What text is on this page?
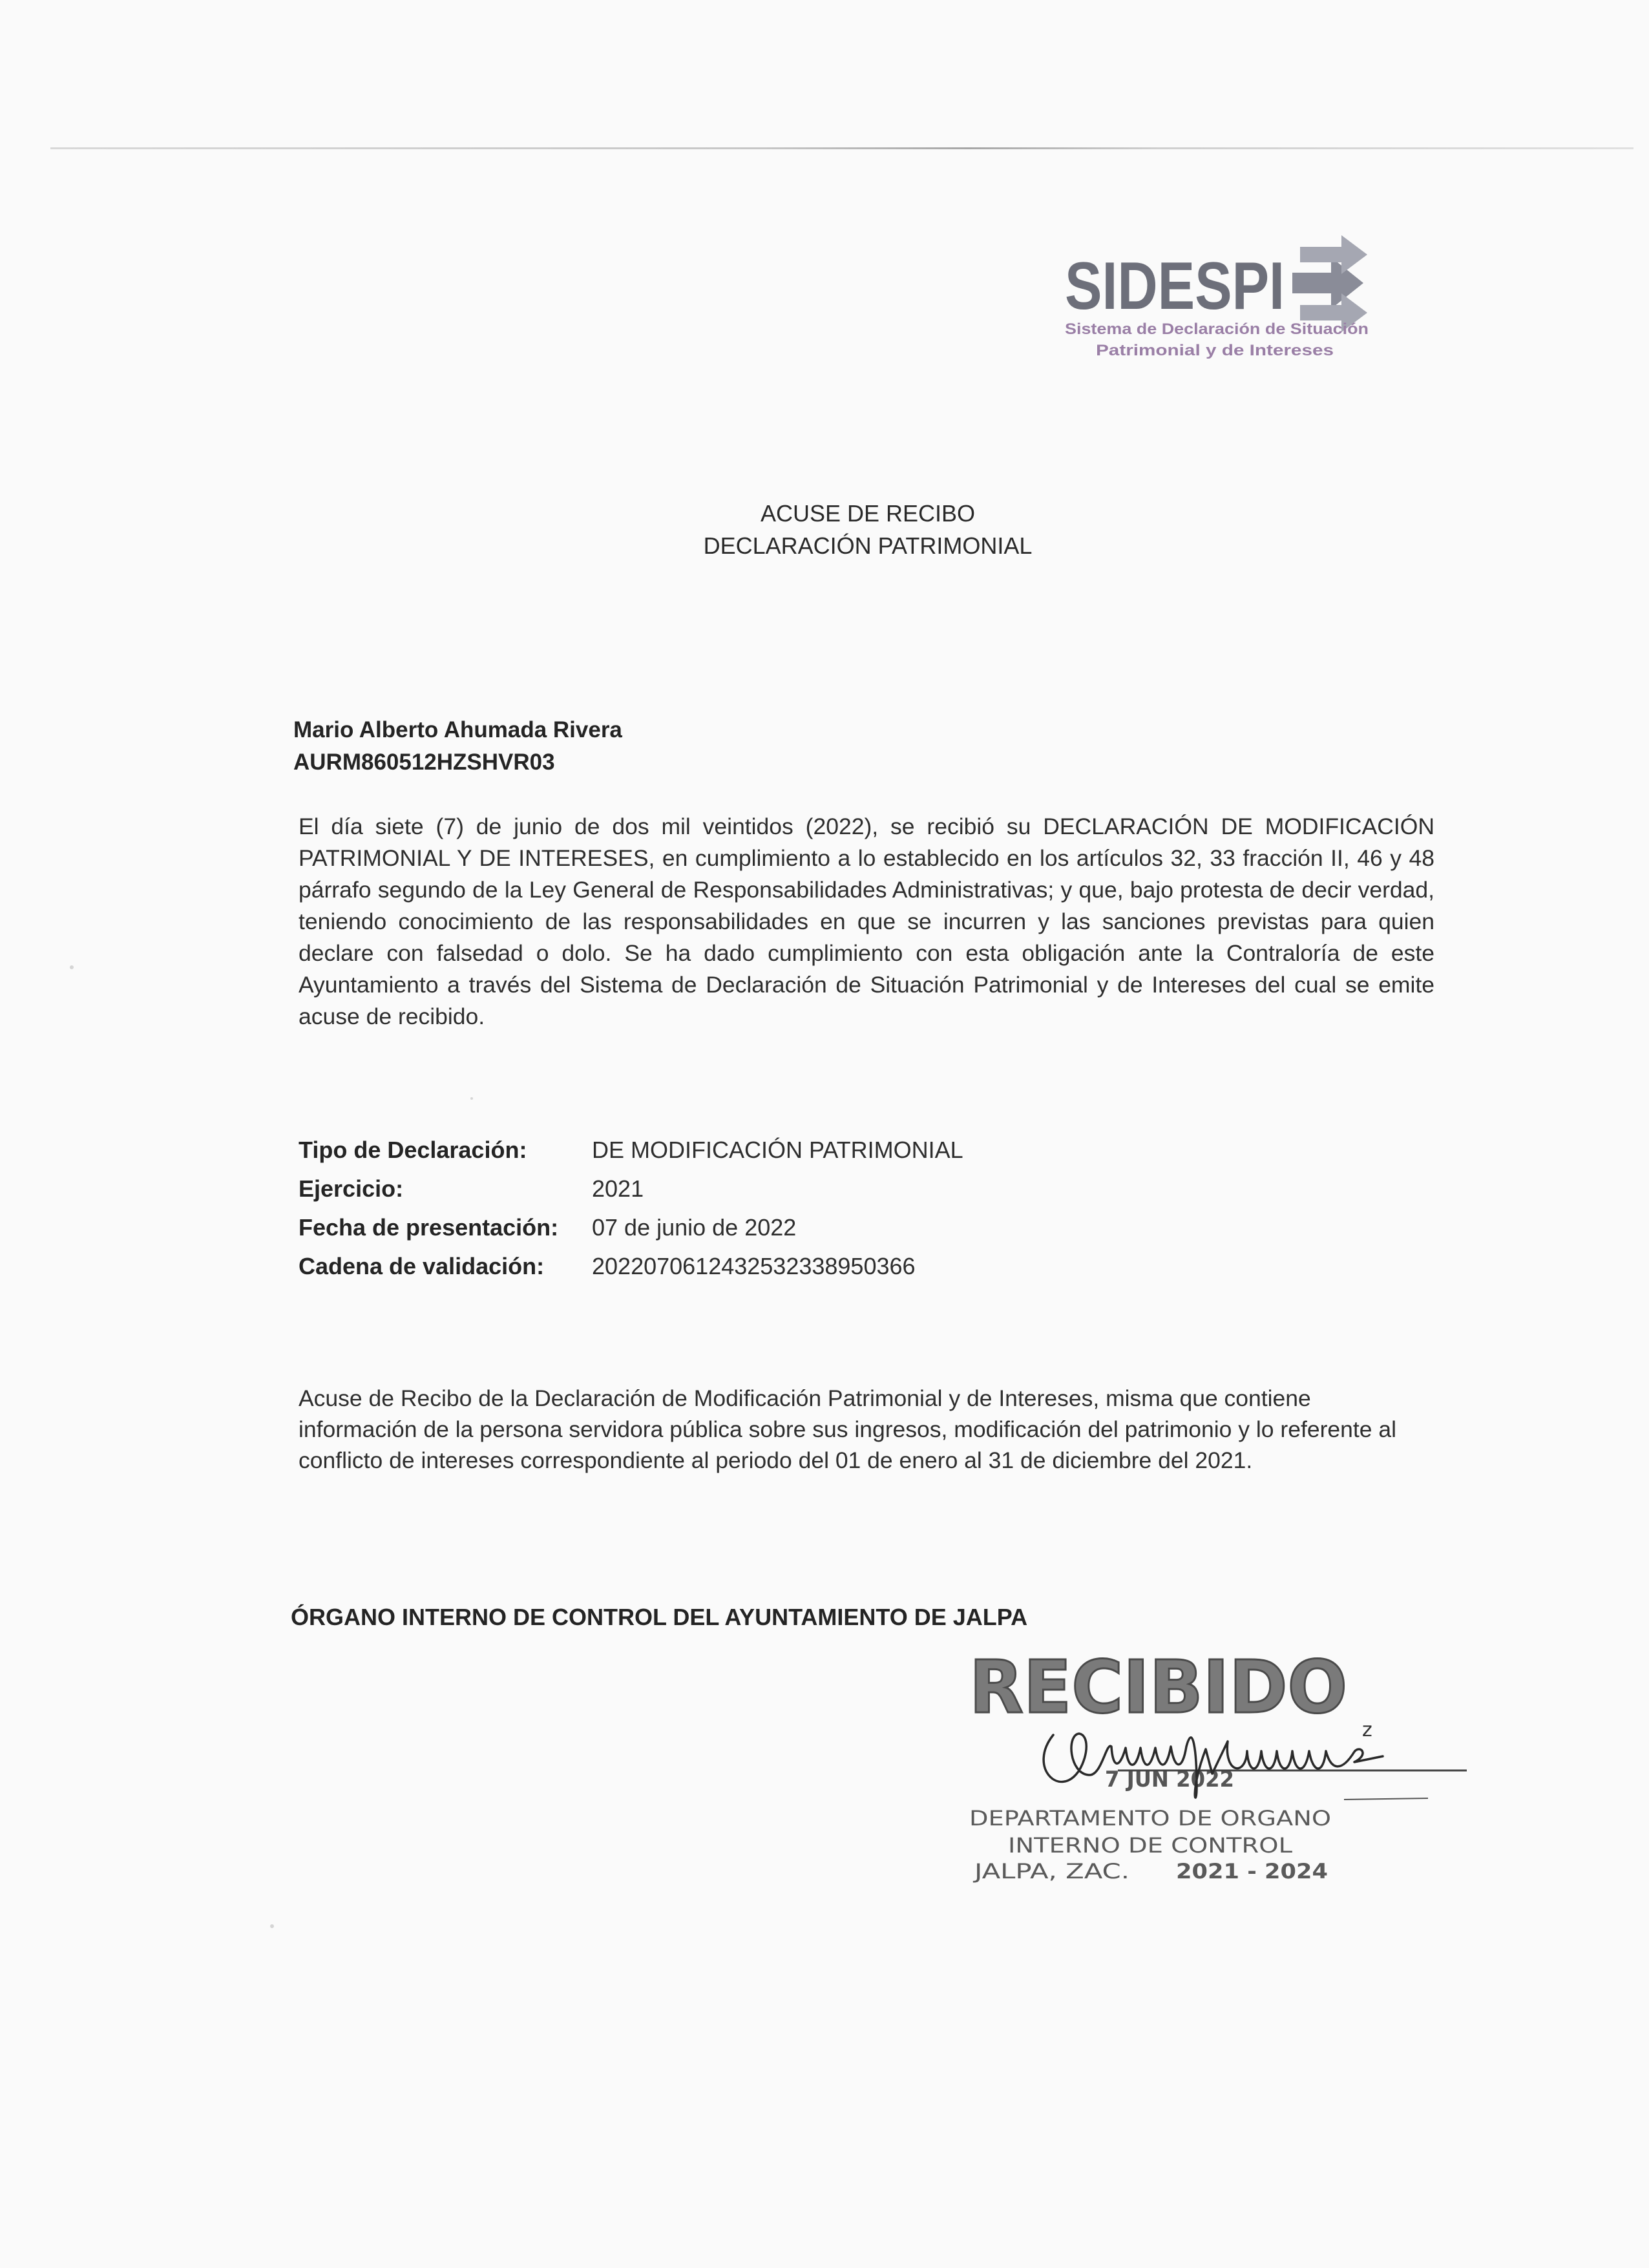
SIDESPI
Sistema de Declaración de Situación
Patrimonial y de Intereses
ACUSE DE RECIBO
DECLARACIÓN PATRIMONIAL
Mario Alberto Ahumada Rivera
AURM860512HZSHVR03
El día siete (7) de junio de dos mil veintidos (2022), se recibió su DECLARACIÓN DE MODIFICACIÓN PATRIMONIAL Y DE INTERESES, en cumplimiento a lo establecido en los artículos 32, 33 fracción II, 46 y 48 párrafo segundo de la Ley General de Responsabilidades Administrativas; y que, bajo protesta de decir verdad, teniendo conocimiento de las responsabilidades en que se incurren y las sanciones previstas para quien declare con falsedad o dolo. Se ha dado cumplimiento con esta obligación ante la Contraloría de este Ayuntamiento a través del Sistema de Declaración de Situación Patrimonial y de Intereses del cual se emite acuse de recibido.
Tipo de Declaración:	DE MODIFICACIÓN PATRIMONIAL
Ejercicio:	2021
Fecha de presentación:	07 de junio de 2022
Cadena de validación:	20220706124325323389503​66
Acuse de Recibo de la Declaración de Modificación Patrimonial y de Intereses, misma que contiene información de la persona servidora pública sobre sus ingresos, modificación del patrimonio y lo referente al conflicto de intereses correspondiente al periodo del 01 de enero al 31 de diciembre del 2021.
ÓRGANO INTERNO DE CONTROL DEL AYUNTAMIENTO DE JALPA
RECIBIDO
7 JUN 2022
z
DEPARTAMENTO DE ORGANO
INTERNO DE CONTROL
JALPA, ZAC. 2021 - 2024
